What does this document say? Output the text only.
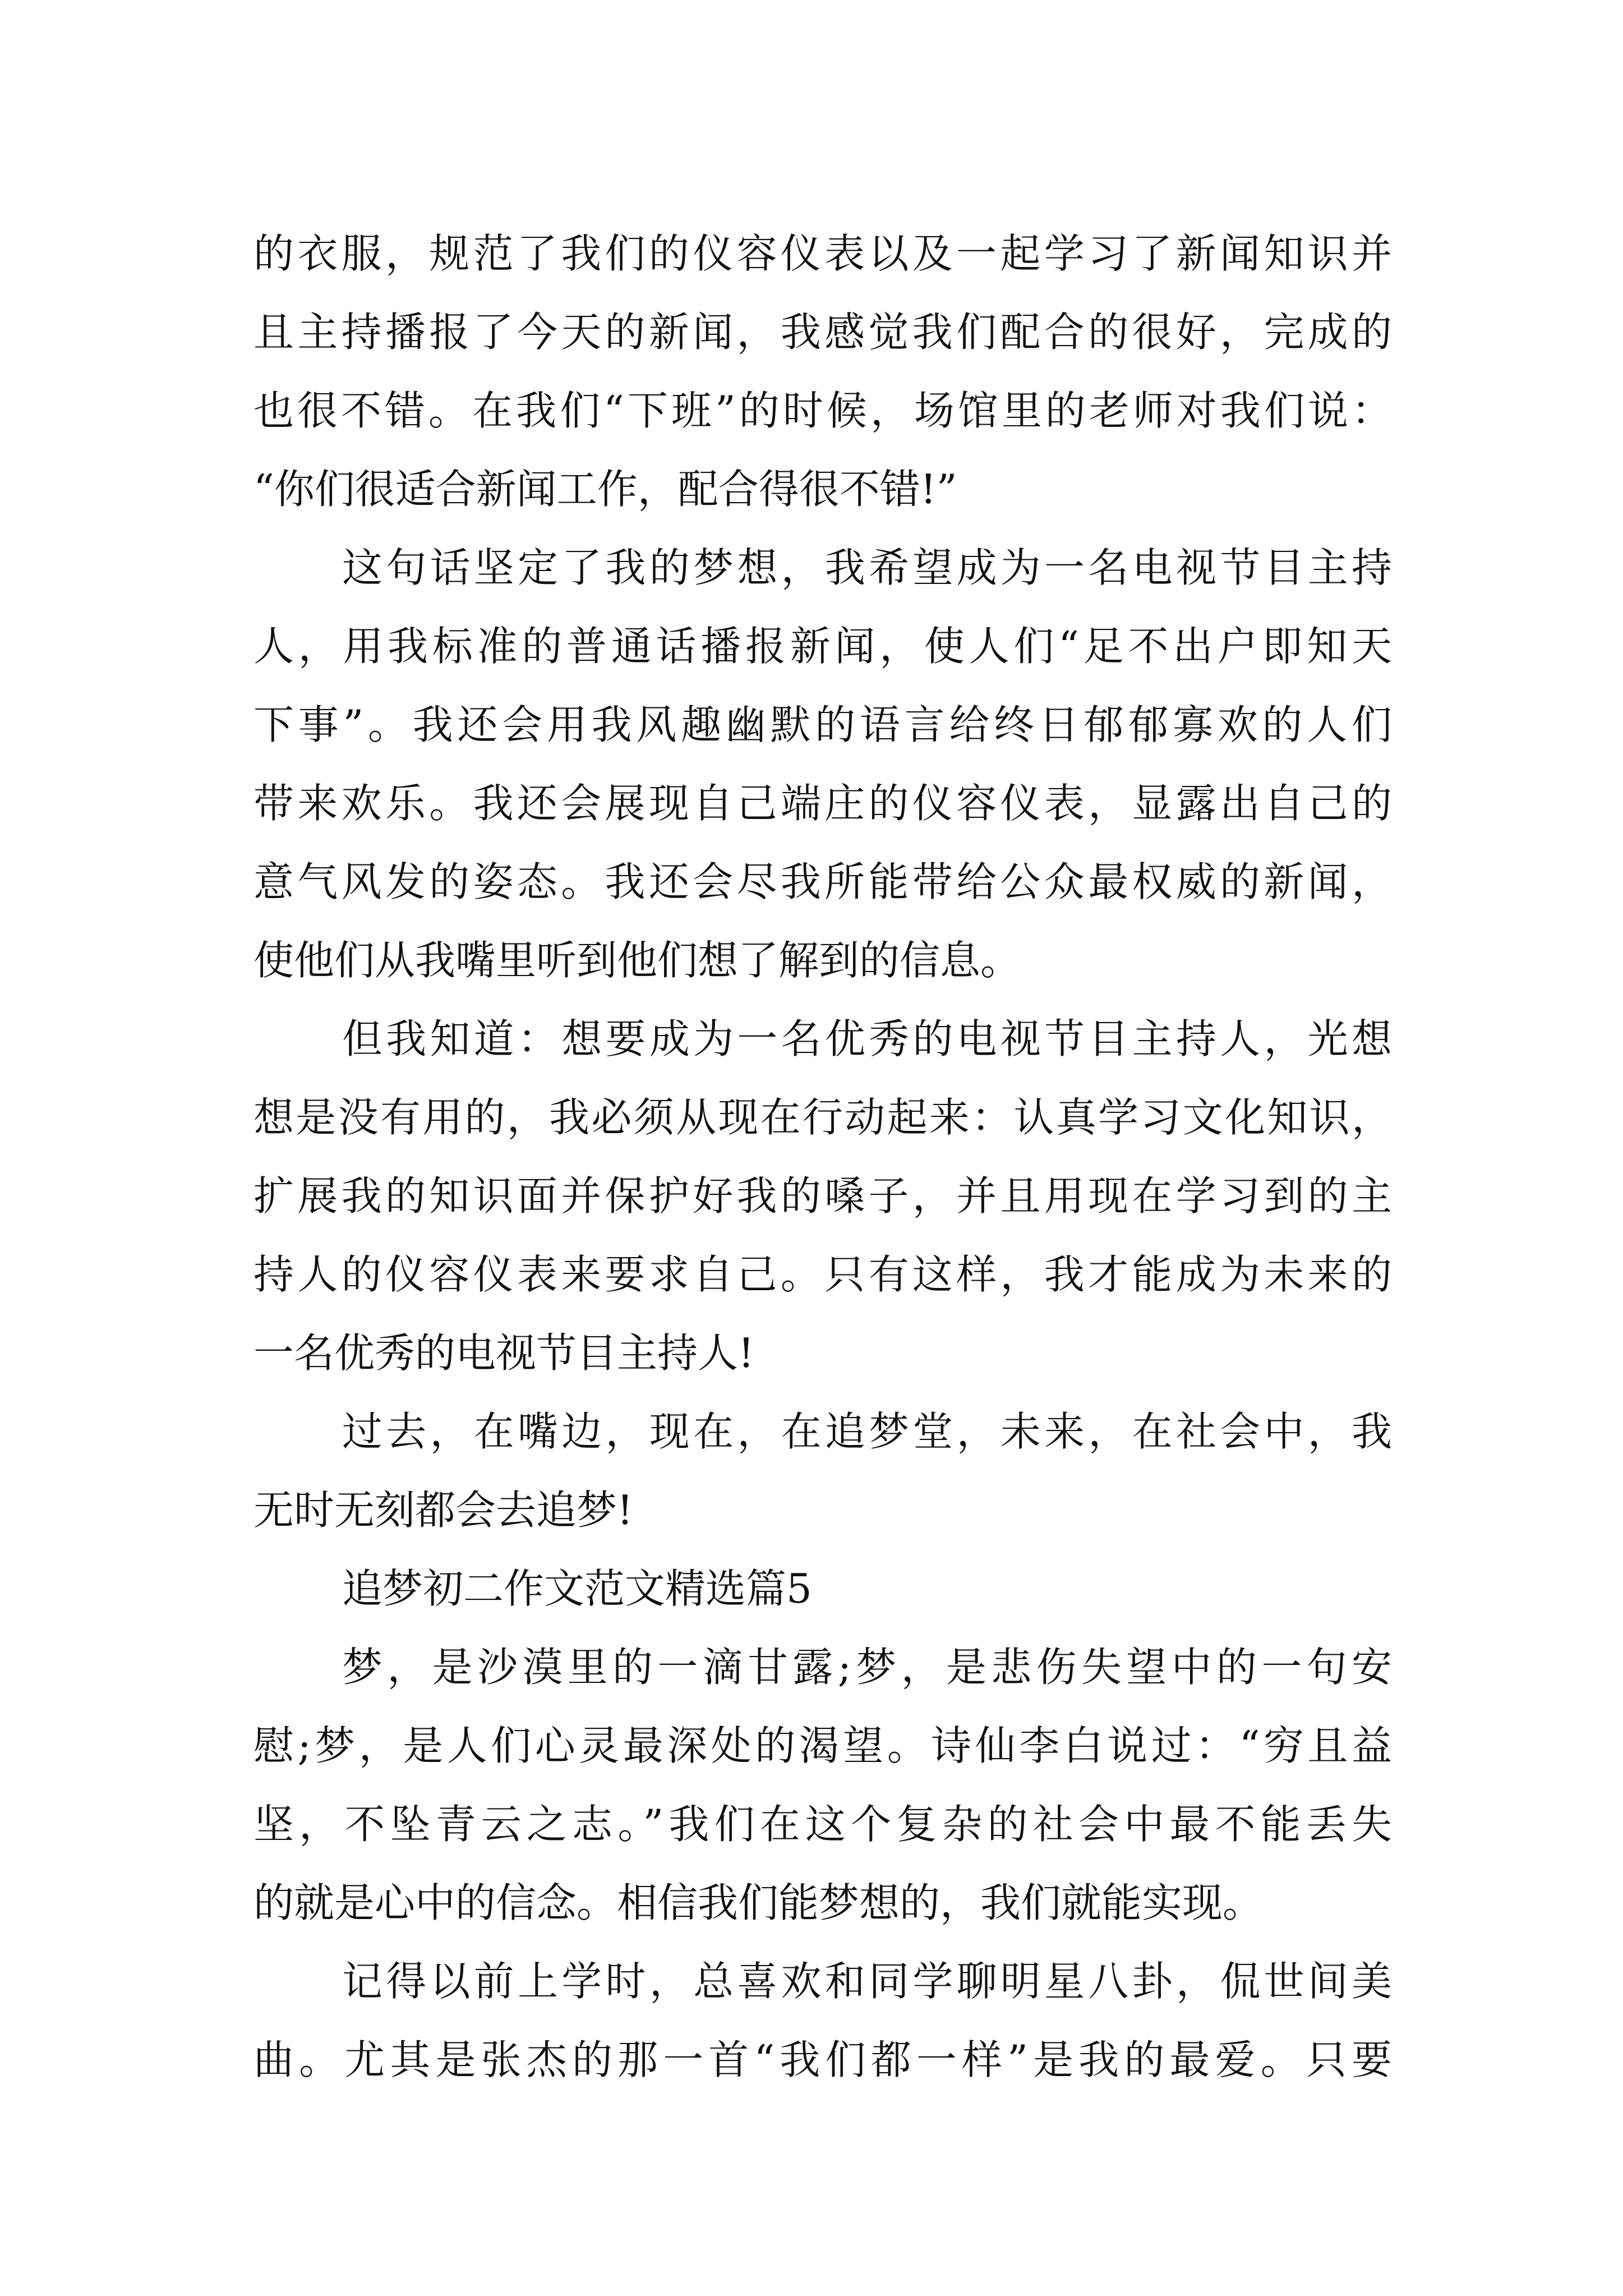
的衣服，规范了我们的仪容仪表以及一起学习了新闻知识并
且主持播报了今天的新闻，我感觉我们配合的很好，完成的
也很不错。在我们“下班”的时候，场馆里的老师对我们说：
“你们很适合新闻工作，配合得很不错!”
这句话坚定了我的梦想，我希望成为一名电视节目主持
人，用我标准的普通话播报新闻，使人们“足不出户即知天
下事”。我还会用我风趣幽默的语言给终日郁郁寡欢的人们
带来欢乐。我还会展现自己端庄的仪容仪表，显露出自己的
意气风发的姿态。我还会尽我所能带给公众最权威的新闻，
使他们从我嘴里听到他们想了解到的信息。
但我知道：想要成为一名优秀的电视节目主持人，光想
想是没有用的，我必须从现在行动起来：认真学习文化知识，
扩展我的知识面并保护好我的嗓子，并且用现在学习到的主
持人的仪容仪表来要求自己。只有这样，我才能成为未来的
一名优秀的电视节目主持人!
过去，在嘴边，现在，在追梦堂，未来，在社会中，我
无时无刻都会去追梦!
追梦初二作文范文精选篇5
梦，是沙漠里的一滴甘露;梦，是悲伤失望中的一句安
慰;梦，是人们心灵最深处的渴望。诗仙李白说过：“穷且益
坚，不坠青云之志。”我们在这个复杂的社会中最不能丢失
的就是心中的信念。相信我们能梦想的，我们就能实现。
记得以前上学时，总喜欢和同学聊明星八卦，侃世间美
曲。尤其是张杰的那一首“我们都一样”是我的最爱。只要
